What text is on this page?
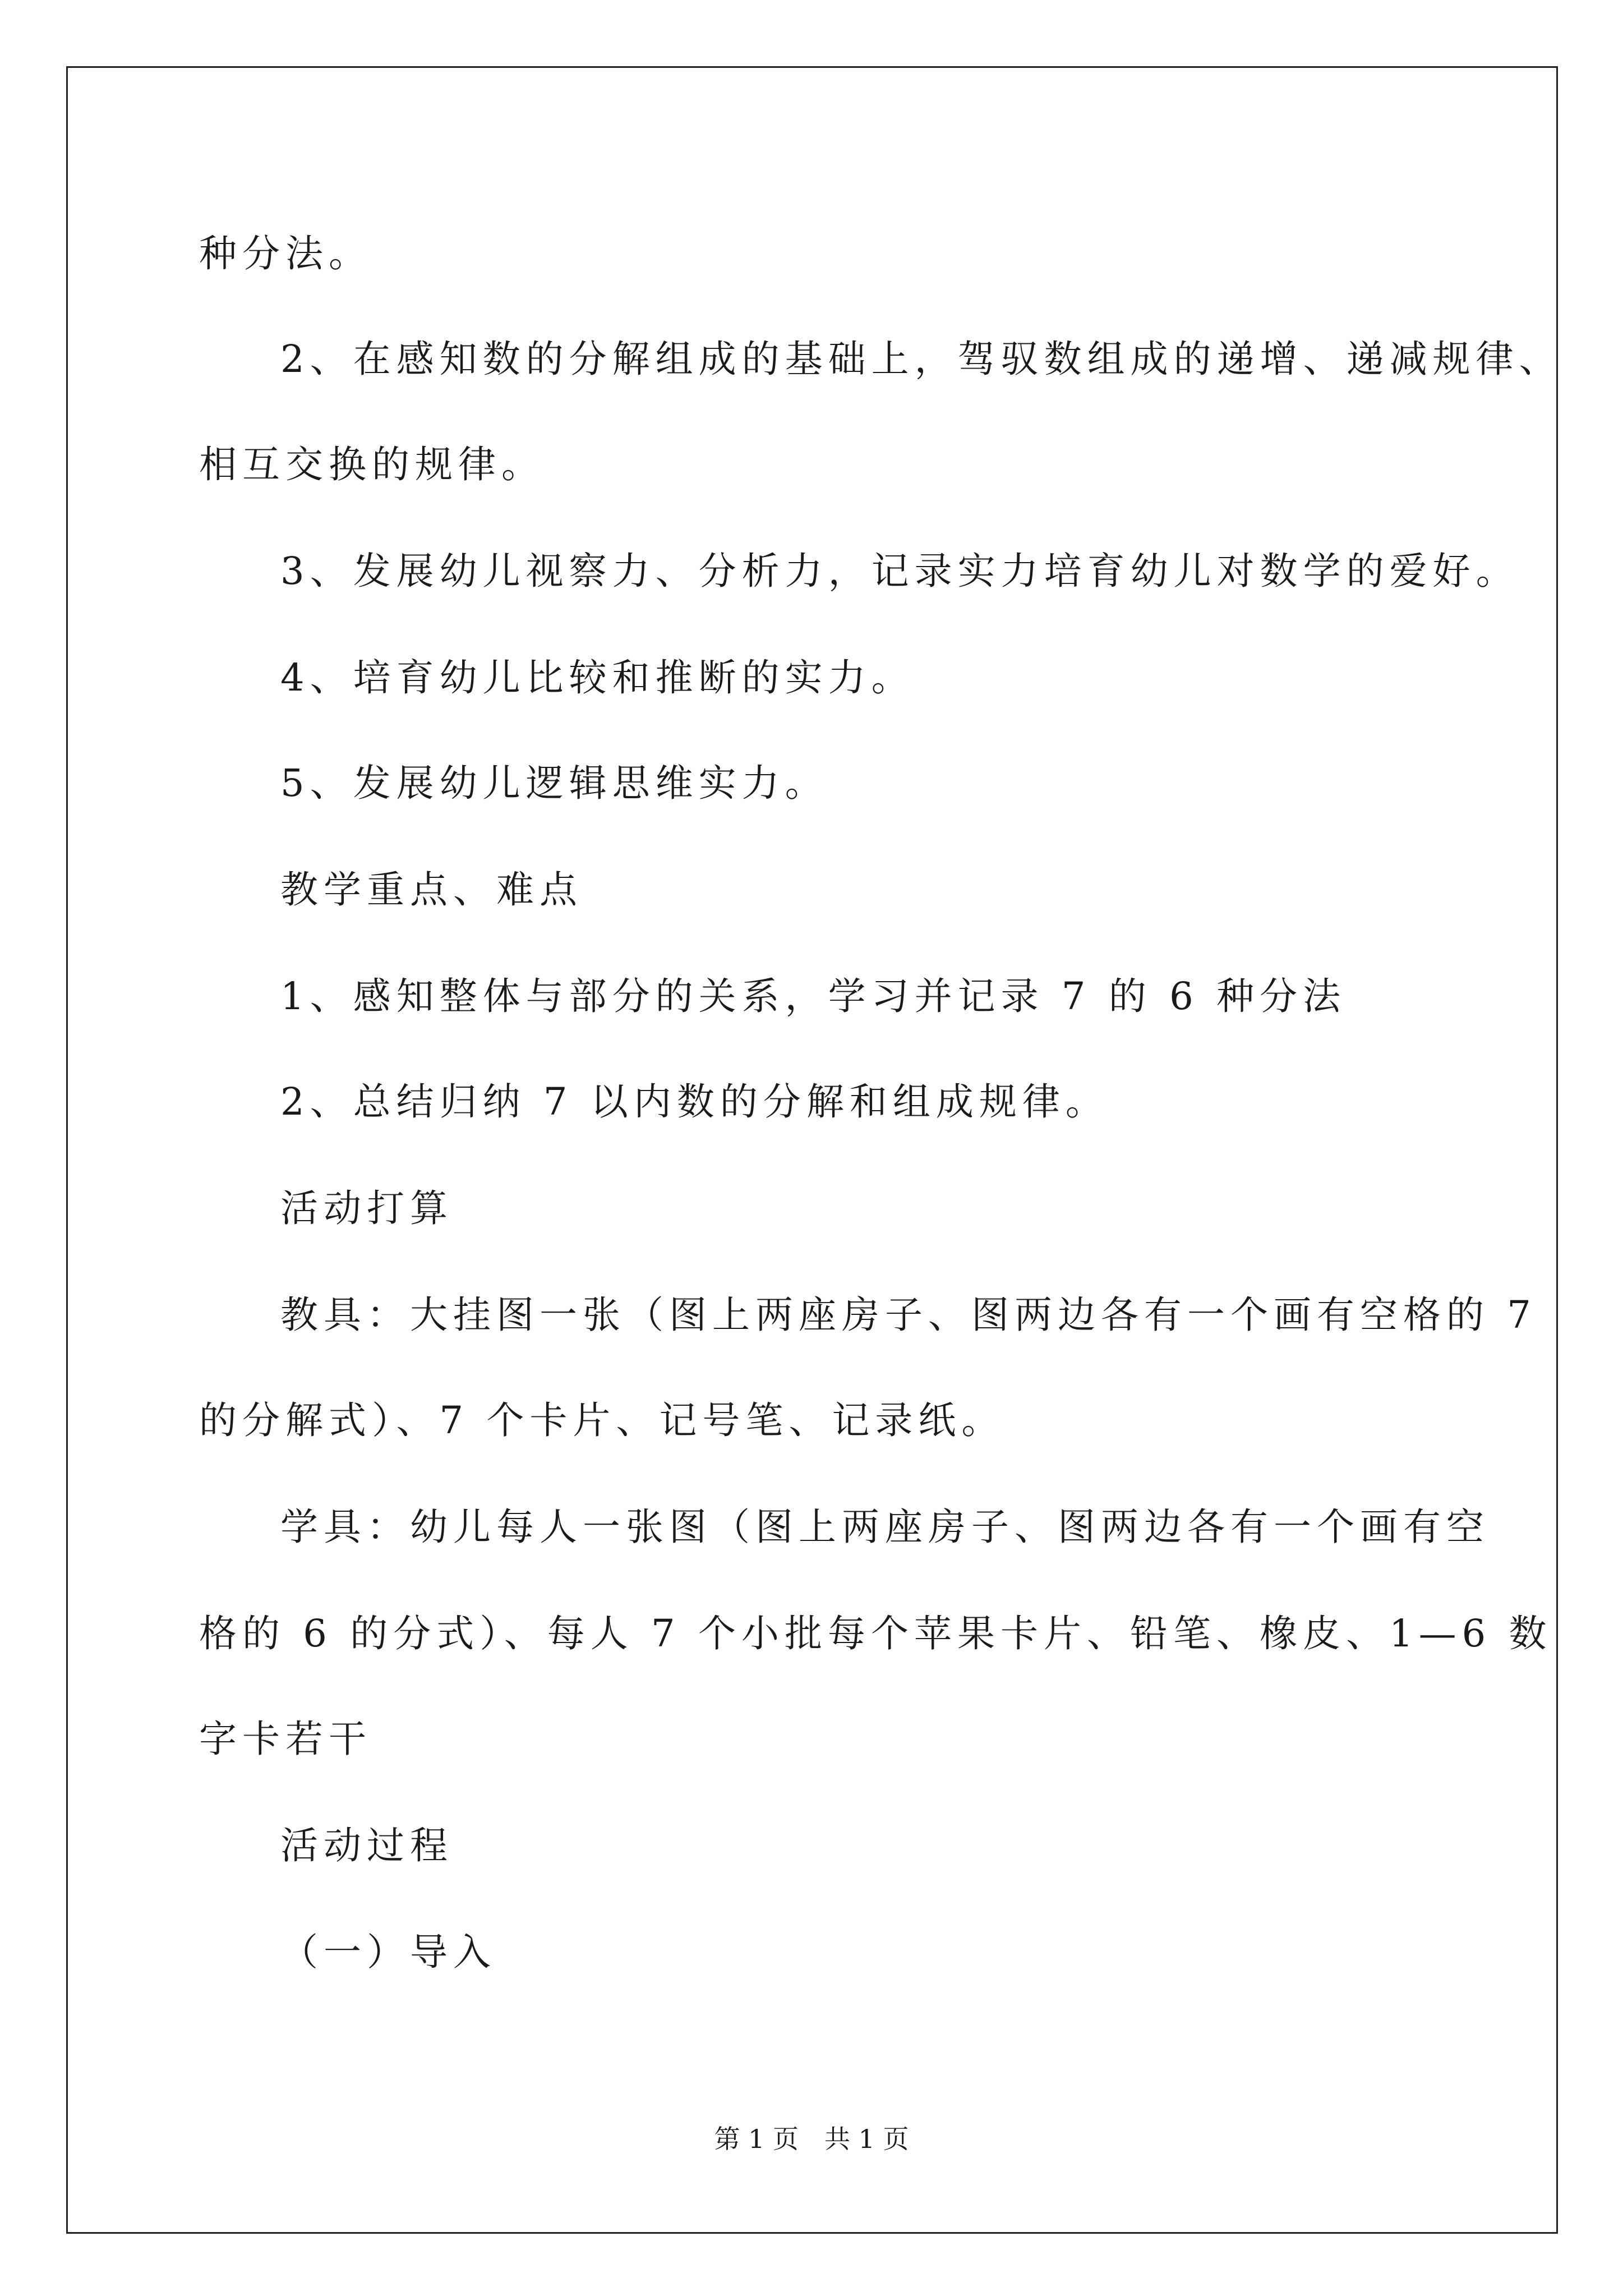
种分法。

2、在感知数的分解组成的基础上，驾驭数组成的递增、递减规律、

相互交换的规律。

3、发展幼儿视察力、分析力，记录实力培育幼儿对数学的爱好。

4、培育幼儿比较和推断的实力。

5、发展幼儿逻辑思维实力。

教学重点、难点

1、感知整体与部分的关系，学习并记录 7 的 6 种分法

2、总结归纳 7 以内数的分解和组成规律。

活动打算

教具：大挂图一张（图上两座房子、图两边各有一个画有空格的 7

的分解式）、7 个卡片、记号笔、记录纸。

学具：幼儿每人一张图（图上两座房子、图两边各有一个画有空

格的 6 的分式）、每人 7 个小批每个苹果卡片、铅笔、橡皮、1—6 数

字卡若干

活动过程

（一）导入

第 1 页　共 1 页
